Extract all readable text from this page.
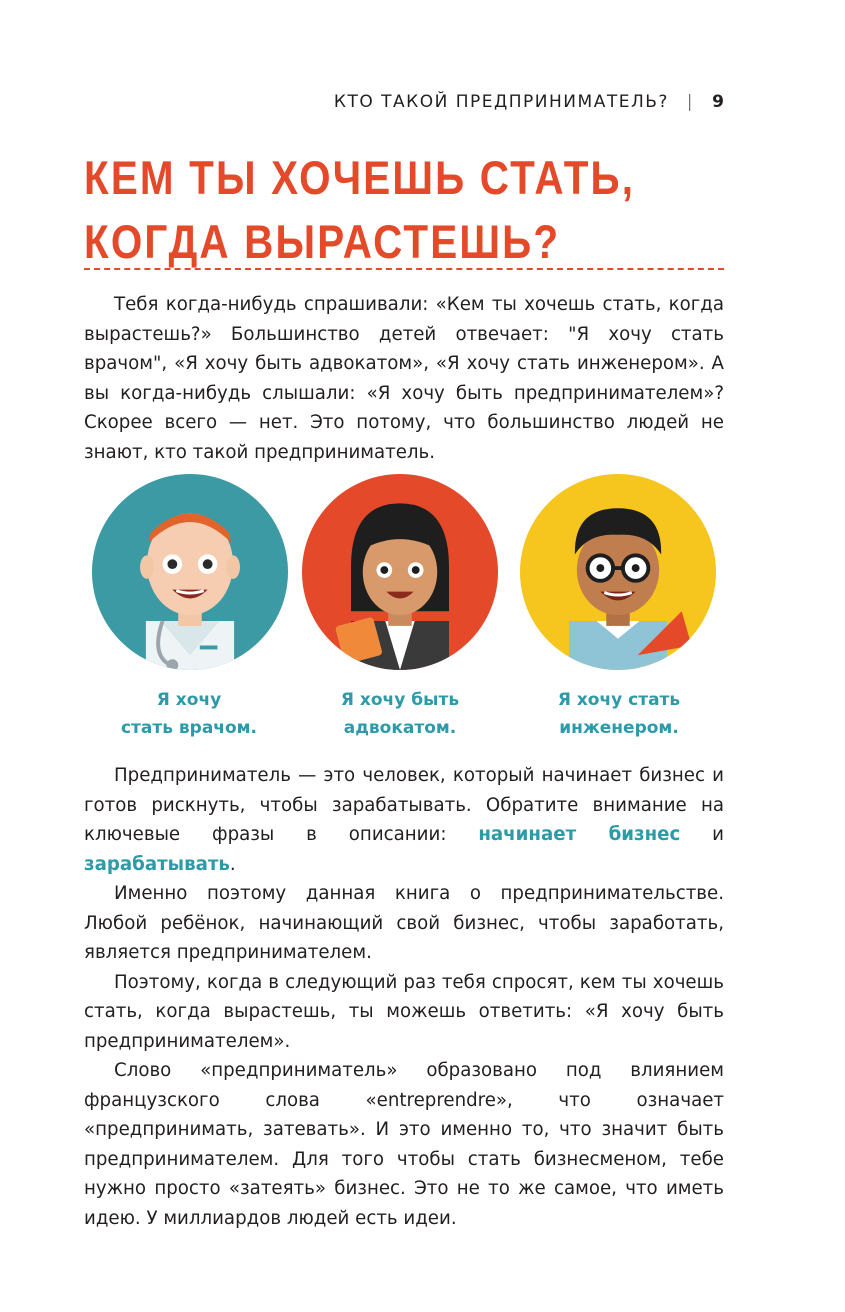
КТО ТАКОЙ ПРЕДПРИНИМАТЕЛЬ? | 9
КЕМ ТЫ ХОЧЕШЬ СТАТЬ,
КОГДА ВЫРАСТЕШЬ?

Тебя когда-нибудь спрашивали: «Кем ты хочешь стать, когда вырастешь?» Большинство детей отвечает: "Я хочу стать врачом", «Я хочу быть адвокатом», «Я хочу стать инженером». А вы когда-нибудь слышали: «Я хочу быть предпринимателем»? Скорее всего — нет. Это потому, что большинство людей не знают, кто такой предприниматель.

Я хочу
стать врачом.
Я хочу быть
адвокатом.
Я хочу стать
инженером.

Предприниматель — это человек, который начинает бизнес и готов рискнуть, чтобы зарабатывать. Обратите внимание на ключевые фразы в описании: начинает бизнес и зарабатывать.

Именно поэтому данная книга о предпринимательстве. Любой ребёнок, начинающий свой бизнес, чтобы заработать, является предпринимателем.

Поэтому, когда в следующий раз тебя спросят, кем ты хочешь стать, когда вырастешь, ты можешь ответить: «Я хочу быть предпринимателем».

Слово «предприниматель» образовано под влиянием французского слова «entreprendre», что означает «предпринимать, затевать». И это именно то, что значит быть предпринимателем. Для того чтобы стать бизнесменом, тебе нужно просто «затеять» бизнес. Это не то же самое, что иметь идею. У миллиардов людей есть идеи.
